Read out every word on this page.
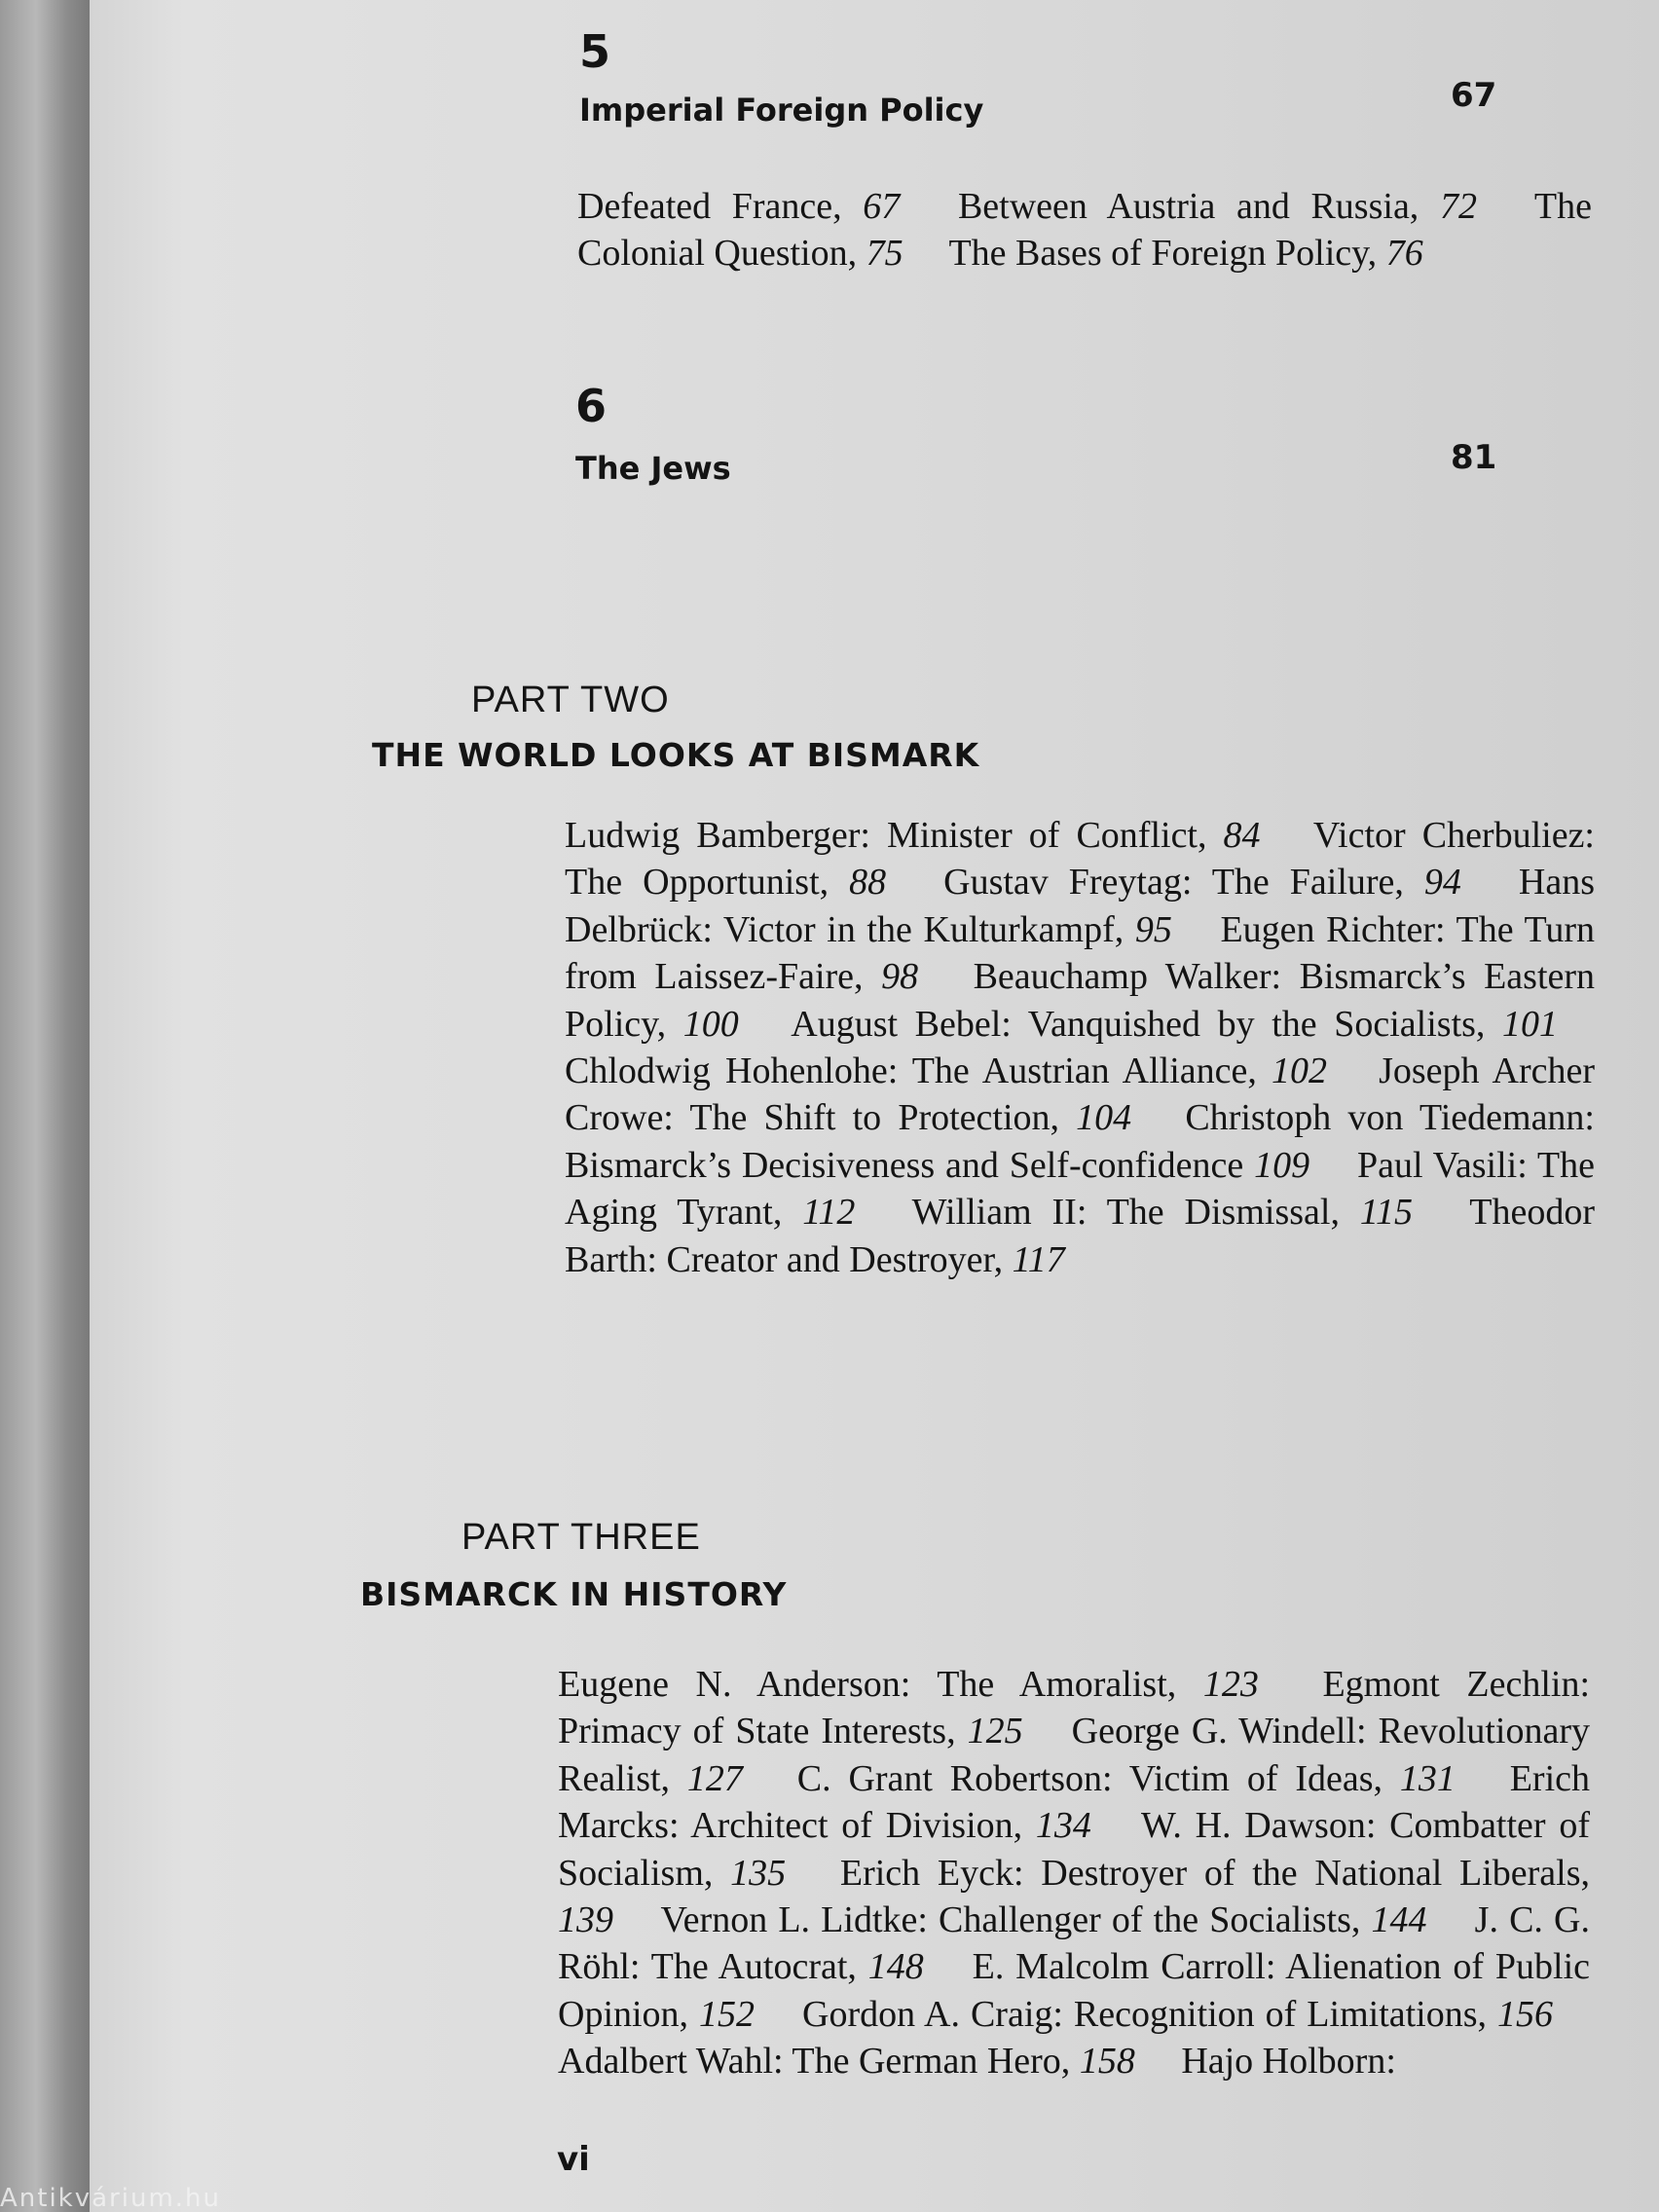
5
Imperial Foreign Policy	67
Defeated France, 67  Between Austria and Russia, 72  The Colonial Question, 75  The Bases of Foreign Policy, 76
6
The Jews	81
PART TWO
THE WORLD LOOKS AT BISMARK
Ludwig Bamberger: Minister of Conflict, 84  Victor Cherbuliez: The Opportunist, 88  Gustav Freytag: The Failure, 94  Hans Delbrück: Victor in the Kulturkampf, 95  Eugen Richter: The Turn from Laissez-Faire, 98  Beauchamp Walker: Bismarck’s Eastern Policy, 100  August Bebel: Vanquished by the Socialists, 101  Chlodwig Hohenlohe: The Austrian Alliance, 102  Joseph Archer Crowe: The Shift to Protection, 104  Christoph von Tiedemann: Bismarck’s Decisiveness and Self-confidence 109  Paul Vasili: The Aging Tyrant, 112  William II: The Dismissal, 115  Theodor Barth: Creator and Destroyer, 117
PART THREE
BISMARCK IN HISTORY
Eugene N. Anderson: The Amoralist, 123  Egmont Zechlin: Primacy of State Interests, 125  George G. Windell: Revolutionary Realist, 127  C. Grant Robertson: Victim of Ideas, 131  Erich Marcks: Architect of Division, 134  W. H. Dawson: Combatter of Socialism, 135  Erich Eyck: Destroyer of the National Liberals, 139  Vernon L. Lidtke: Challenger of the Socialists, 144  J. C. G. Röhl: The Autocrat, 148  E. Malcolm Carroll: Alienation of Public Opinion, 152  Gordon A. Craig: Recognition of Limitations, 156  Adalbert Wahl: The German Hero, 158  Hajo Holborn:
vi
Antikvárium.hu
